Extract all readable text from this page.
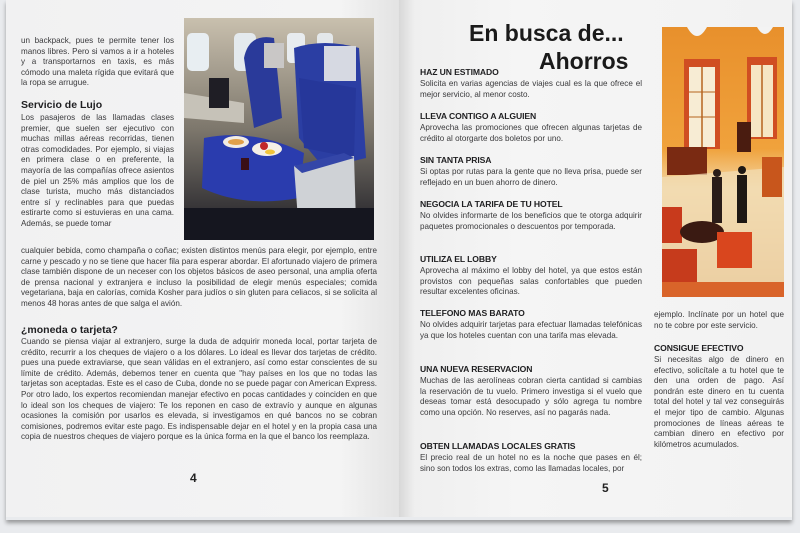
un backpack, pues te permite tener los manos libres. Pero si vamos a ir a hoteles y a transportarnos en taxis, es más cómodo una maleta rígida que evitará que la ropa se arrugue.

Servicio de Lujo

Los pasajeros de las llamadas clases premier, que suelen ser ejecutivo con muchas millas aéreas recorridas, tienen otras comodidades. Por ejemplo, si viajas en primera clase o en preferente, la mayoría de las compañías ofrece asientos de piel un 25% más amplios que los de clase turista, mucho más distanciados entre sí y reclinables para que puedas estirarte como si estuvieras en una cama. Además, se puede tomar

cualquier bebida, como champaña o coñac; existen distintos menús para elegir, por ejemplo, entre carne y pescado y no se tiene que hacer fila para esperar abordar. El afortunado viajero de primera clase también dispone de un neceser con los objetos básicos de aseo personal, una amplia oferta de prensa nacional y extranjera e incluso la posibilidad de elegir menús especiales; comida vegetariana, baja en calorías, comida Kosher para judíos o sin gluten para celiacos, si se solicita al menos 48 horas antes de que salga el avión.

¿moneda o tarjeta?

Cuando se piensa viajar al extranjero, surge la duda de adquirir moneda local, portar tarjeta de crédito, recurrir a los cheques de viajero o a los dólares. Lo ideal es llevar dos tarjetas de crédito. pues una puede extraviarse, que sean válidas en el extranjero, así como estar conscientes de su límite de crédito. Además, debemos tener en cuenta que "hay países en los que no todas las tarjetas son aceptadas. Este es el caso de Cuba, donde no se puede pagar con American Express. Por otro lado, los expertos recomiendan manejar efectivo en pocas cantidades y coinciden en que lo ideal son los cheques de viajero: Te los reponen en caso de extravío y aunque en algunas ocasiones la comisión por usarlos es elevada, si investigamos en qué bancos no se cobran comisiones, podremos evitar este pago. Es indispensable dejar en el hotel y en la propia casa una copia de nuestros cheques de viajero porque es la única forma en la que el banco los reemplaza.

4
En busca de...
Ahorros
HAZ UN ESTIMADO

Solicita en varias agencias de viajes cual es la que ofrece el mejor servicio, al menor costo.

LLEVA CONTIGO A ALGUIEN

Aprovecha las promociones que ofrecen algunas tarjetas de crédito al otorgarte dos boletos por uno.

SIN TANTA PRISA

Si optas por rutas para la gente que no lleva prisa, puede ser reflejado en un buen ahorro de dinero.

NEGOCIA LA TARIFA DE TU HOTEL

No olvides informarte de los beneficios que te otorga adquirir paquetes promocionales o descuentos por temporada.

UTILIZA EL LOBBY

Aprovecha al máximo el lobby del hotel, ya que estos están provistos con pequeñas salas confortables que pueden resultar excelentes oficinas.

TELEFONO MAS BARATO

No olvides adquirir tarjetas para efectuar llamadas telefónicas ya que los hoteles cuentan con una tarifa mas elevada.

UNA NUEVA RESERVACION

Muchas de las aerolíneas cobran cierta cantidad si cambias la reservación de tu vuelo. Primero investiga si el vuelo que deseas tomar está desocupado y sólo agrega tu nombre como una opción. No reserves, así no pagarás nada.

OBTEN LLAMADAS LOCALES GRATIS

El precio real de un hotel no es la noche que pases en él; sino son todos los extras, como las llamadas locales, por

ejemplo. Inclínate por un hotel que no te cobre por este servicio.

CONSIGUE EFECTIVO

Si necesitas algo de dinero en efectivo, solicítale a tu hotel que te den una orden de pago. Así pondrán este dinero en tu cuenta total del hotel y tal vez conseguirás el mejor tipo de cambio. Algunas promociones de líneas aéreas te cambian dinero en efectivo por kilómetros acumulados.

5
